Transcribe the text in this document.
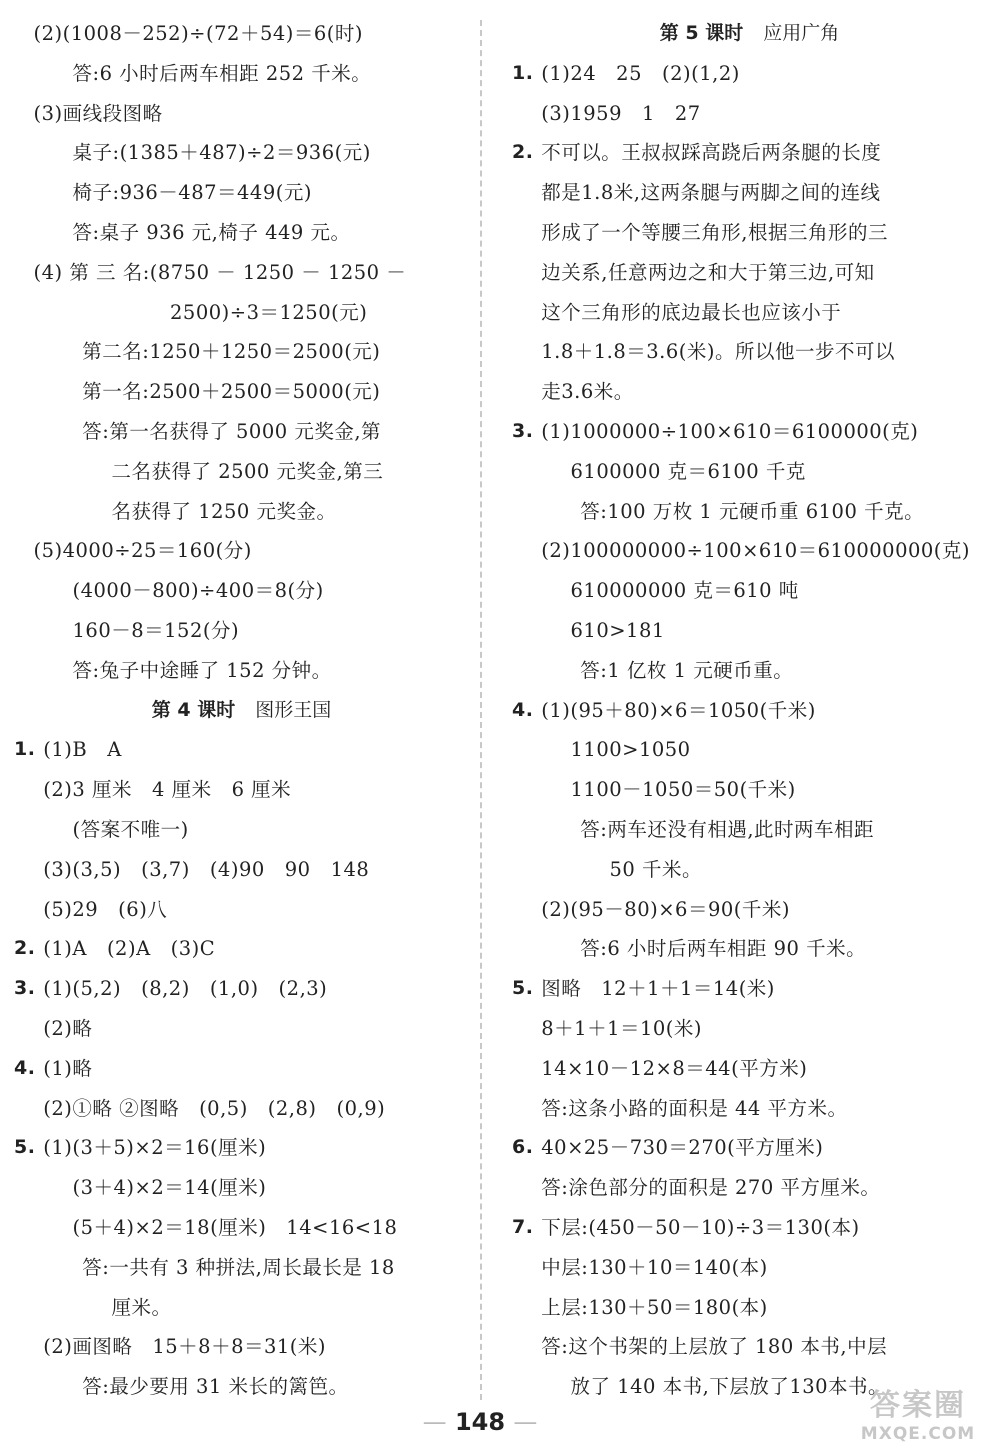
(2)(1008－252)÷(72＋54)＝6(时)
答:6 小时后两车相距 252 千米。
(3)画线段图略
桌子:(1385＋487)÷2＝936(元)
椅子:936－487＝449(元)
答:桌子 936 元,椅子 449 元。
(4) 第 三 名:(8750 － 1250 － 1250 －
2500)÷3＝1250(元)
第二名:1250＋1250＝2500(元)
第一名:2500＋2500＝5000(元)
答:第一名获得了 5000 元奖金,第
二名获得了 2500 元奖金,第三
名获得了 1250 元奖金。
(5)4000÷25＝160(分)
(4000－800)÷400＝8(分)
160－8＝152(分)
答:兔子中途睡了 152 分钟。
第 4 课时 图形王国
1. (1)B　A
(2)3 厘米　4 厘米　6 厘米
(答案不唯一)
(3)(3,5)　(3,7)　(4)90　90　148
(5)29　(6)八
2. (1)A　(2)A　(3)C
3. (1)(5,2)　(8,2)　(1,0)　(2,3)
(2)略
4. (1)略
(2)①略 ②图略　(0,5)　(2,8)　(0,9)
5. (1)(3＋5)×2＝16(厘米)
(3＋4)×2＝14(厘米)
(5＋4)×2＝18(厘米)　14<16<18
答:一共有 3 种拼法,周长最长是 18
厘米。
(2)画图略　15＋8＋8＝31(米)
答:最少要用 31 米长的篱笆。
第 5 课时 应用广角
1. (1)24　25　(2)(1,2)
(3)1959　1　27
2. 不可以。王叔叔踩高跷后两条腿的长度
都是1.8米,这两条腿与两脚之间的连线
形成了一个等腰三角形,根据三角形的三
边关系,任意两边之和大于第三边,可知
这个三角形的底边最长也应该小于
1.8＋1.8＝3.6(米)。所以他一步不可以
走3.6米。
3. (1)1000000÷100×610＝6100000(克)
6100000 克＝6100 千克
答:100 万枚 1 元硬币重 6100 千克。
(2)100000000÷100×610＝610000000(克)
610000000 克＝610 吨
610>181
答:1 亿枚 1 元硬币重。
4. (1)(95＋80)×6＝1050(千米)
1100>1050
1100－1050＝50(千米)
答:两车还没有相遇,此时两车相距
50 千米。
(2)(95－80)×6＝90(千米)
答:6 小时后两车相距 90 千米。
5. 图略　12＋1＋1＝14(米)
8＋1＋1＝10(米)
14×10－12×8＝44(平方米)
答:这条小路的面积是 44 平方米。
6. 40×25－730＝270(平方厘米)
答:涂色部分的面积是 270 平方厘米。
7. 下层:(450－50－10)÷3＝130(本)
中层:130＋10＝140(本)
上层:130＋50＝180(本)
答:这个书架的上层放了 180 本书,中层
放了 140 本书,下层放了130本书。
— 148 —	答案圈
MXQE.COM
